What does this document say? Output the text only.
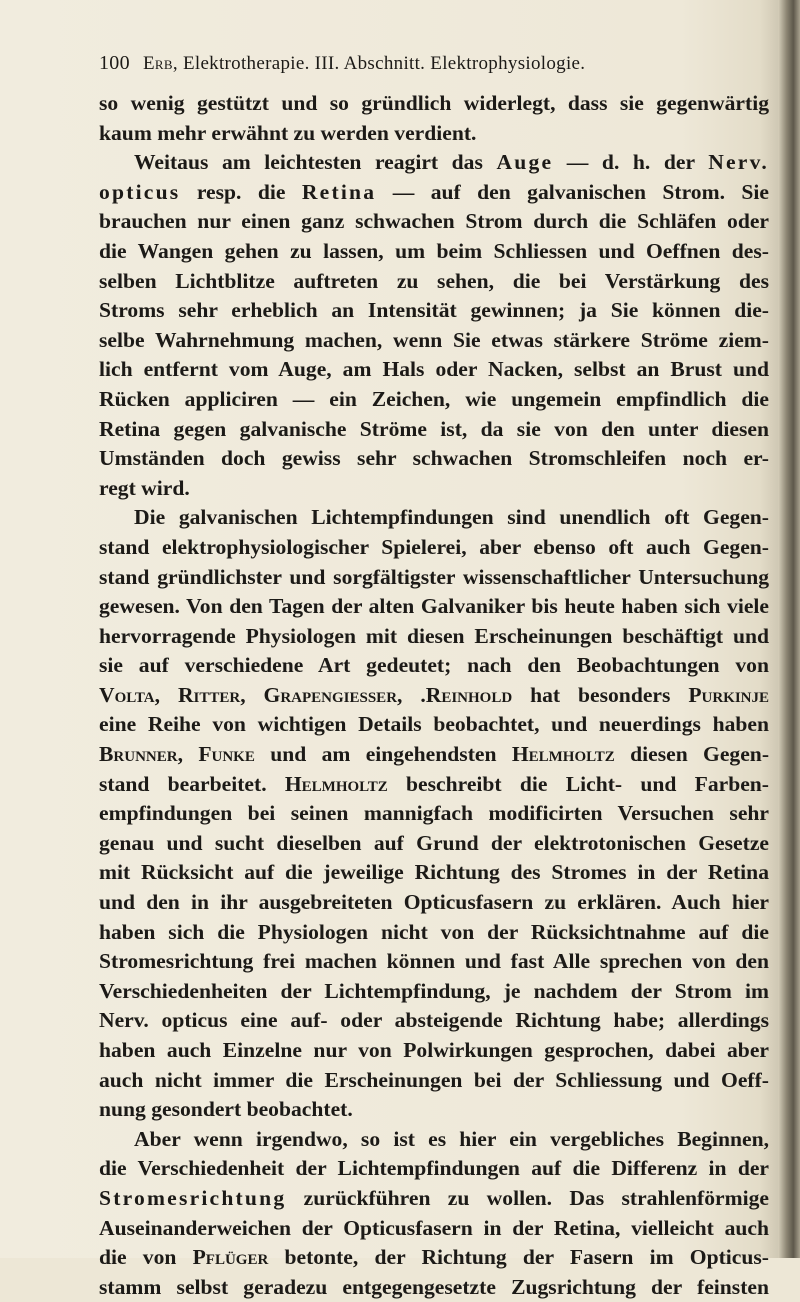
100 Erb, Elektrotherapie. III. Abschnitt. Elektrophysiologie.
so wenig gestützt und so gründlich widerlegt, dass sie gegenwärtig
kaum mehr erwähnt zu werden verdient.
Weitaus am leichtesten reagirt das Auge — d. h. der Nerv.
opticus resp. die Retina — auf den galvanischen Strom. Sie
brauchen nur einen ganz schwachen Strom durch die Schläfen oder
die Wangen gehen zu lassen, um beim Schliessen und Oeffnen des-
selben Lichtblitze auftreten zu sehen, die bei Verstärkung des
Stroms sehr erheblich an Intensität gewinnen; ja Sie können die-
selbe Wahrnehmung machen, wenn Sie etwas stärkere Ströme ziem-
lich entfernt vom Auge, am Hals oder Nacken, selbst an Brust und
Rücken appliciren — ein Zeichen, wie ungemein empfindlich die
Retina gegen galvanische Ströme ist, da sie von den unter diesen
Umständen doch gewiss sehr schwachen Stromschleifen noch er-
regt wird.
Die galvanischen Lichtempfindungen sind unendlich oft Gegen-
stand elektrophysiologischer Spielerei, aber ebenso oft auch Gegen-
stand gründlichster und sorgfältigster wissenschaftlicher Untersuchung
gewesen. Von den Tagen der alten Galvaniker bis heute haben sich viele
hervorragende Physiologen mit diesen Erscheinungen beschäftigt und
sie auf verschiedene Art gedeutet; nach den Beobachtungen von
Volta, Ritter, Grapengiesser, .Reinhold hat besonders Purkinje
eine Reihe von wichtigen Details beobachtet, und neuerdings haben
Brunner, Funke und am eingehendsten Helmholtz diesen Gegen-
stand bearbeitet. Helmholtz beschreibt die Licht- und Farben-
empfindungen bei seinen mannigfach modificirten Versuchen sehr
genau und sucht dieselben auf Grund der elektrotonischen Gesetze
mit Rücksicht auf die jeweilige Richtung des Stromes in der Retina
und den in ihr ausgebreiteten Opticusfasern zu erklären. Auch hier
haben sich die Physiologen nicht von der Rücksichtnahme auf die
Stromesrichtung frei machen können und fast Alle sprechen von den
Verschiedenheiten der Lichtempfindung, je nachdem der Strom im
Nerv. opticus eine auf- oder absteigende Richtung habe; allerdings
haben auch Einzelne nur von Polwirkungen gesprochen, dabei aber
auch nicht immer die Erscheinungen bei der Schliessung und Oeff-
nung gesondert beobachtet.
Aber wenn irgendwo, so ist es hier ein vergebliches Beginnen,
die Verschiedenheit der Lichtempfindungen auf die Differenz in der
Stromesrichtung zurückführen zu wollen. Das strahlenförmige
Auseinanderweichen der Opticusfasern in der Retina, vielleicht auch
die von Pflüger betonte, der Richtung der Fasern im Opticus-
stamm selbst geradezu entgegengesetzte Zugsrichtung der feinsten
